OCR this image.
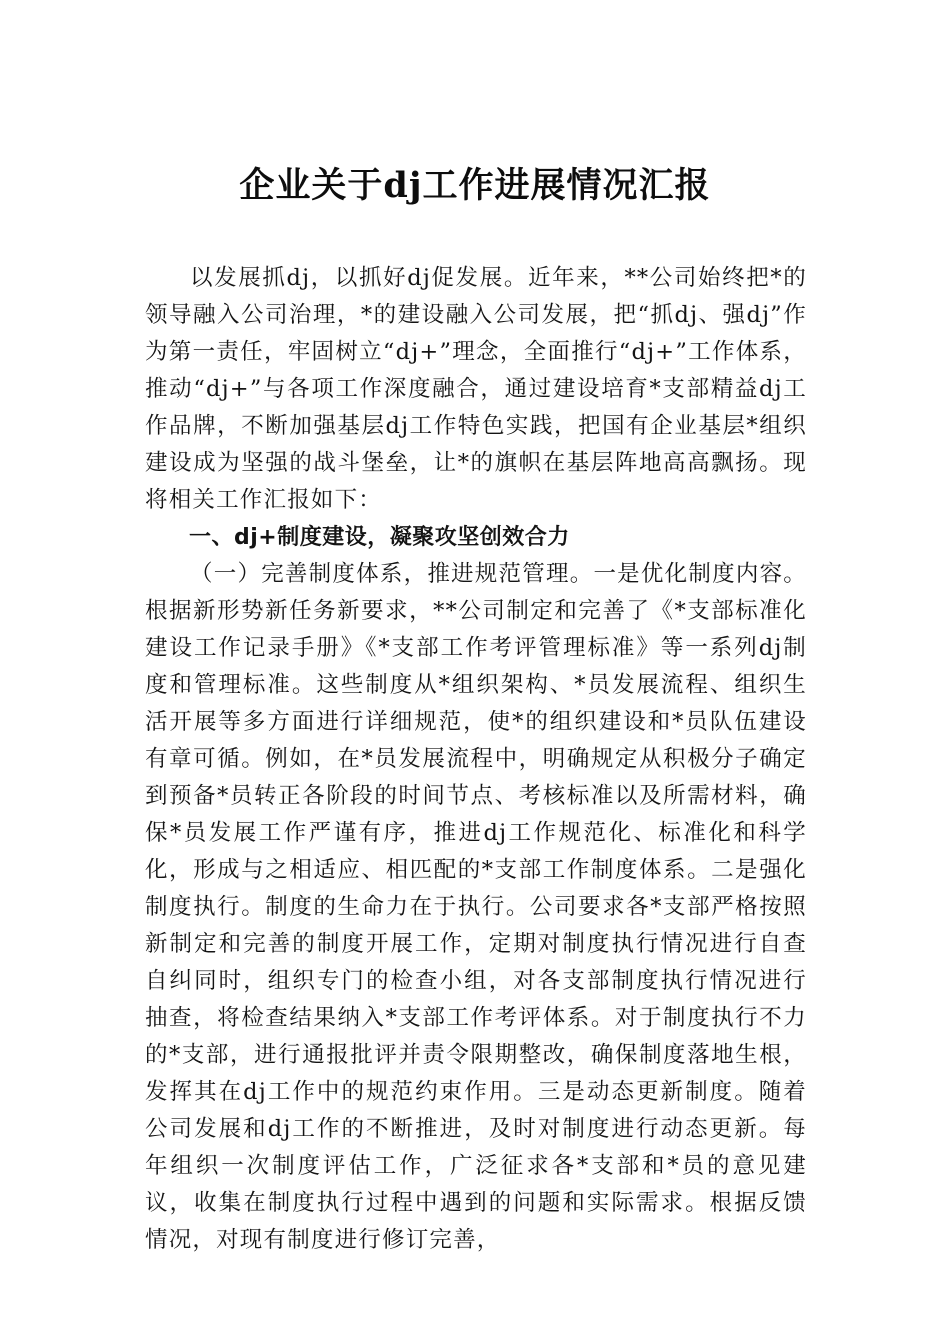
企业关于dj工作进展情况汇报

以发展抓dj，以抓好dj促发展。近年来，**公司始终把*的领导融入公司治理，*的建设融入公司发展，把“抓dj、强dj”作为第一责任，牢固树立“dj+”理念，全面推行“dj+”工作体系，推动“dj+”与各项工作深度融合，通过建设培育*支部精益dj工作品牌，不断加强基层dj工作特色实践，把国有企业基层*组织建设成为坚强的战斗堡垒，让*的旗帜在基层阵地高高飘扬。现将相关工作汇报如下：

一、dj+制度建设，凝聚攻坚创效合力

（一）完善制度体系，推进规范管理。一是优化制度内容。根据新形势新任务新要求，**公司制定和完善了《*支部标准化建设工作记录手册》《*支部工作考评管理标准》等一系列dj制度和管理标准。这些制度从*组织架构、*员发展流程、组织生活开展等多方面进行详细规范，使*的组织建设和*员队伍建设有章可循。例如，在*员发展流程中，明确规定从积极分子确定到预备*员转正各阶段的时间节点、考核标准以及所需材料，确保*员发展工作严谨有序，推进dj工作规范化、标准化和科学化，形成与之相适应、相匹配的*支部工作制度体系。二是强化制度执行。制度的生命力在于执行。公司要求各*支部严格按照新制定和完善的制度开展工作，定期对制度执行情况进行自查自纠同时，组织专门的检查小组，对各支部制度执行情况进行抽查，将检查结果纳入*支部工作考评体系。对于制度执行不力的*支部，进行通报批评并责令限期整改，确保制度落地生根，发挥其在dj工作中的规范约束作用。三是动态更新制度。随着公司发展和dj工作的不断推进，及时对制度进行动态更新。每年组织一次制度评估工作，广泛征求各*支部和*员的意见建议，收集在制度执行过程中遇到的问题和实际需求。根据反馈情况，对现有制度进行修订完善，
